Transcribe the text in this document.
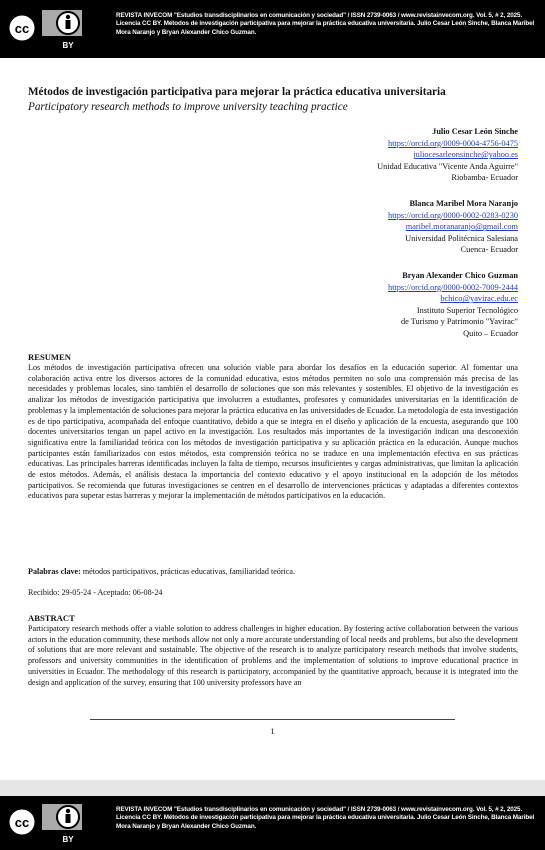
cc
BY
REVISTA INVECOM "Estudios transdisciplinarios en comunicación y sociedad" / ISSN 2739-0063 / www.revistainvecom.org. Vol. 5, # 2, 2025. Licencia CC BY. Métodos de investigación participativa para mejorar la práctica educativa universitaria. Julio Cesar León Sinche, Blanca Maribel Mora Naranjo y Bryan Alexander Chico Guzman.
Métodos de investigación participativa para mejorar la práctica educativa universitaria
Participatory research methods to improve university teaching practice
Julio Cesar León Sinche
https://orcid.org/0009-0004-4756-0475
juliocesarleonsinche@yahoo.es
Unidad Educativa "Vicente Anda Aguirre"
Riobamba- Ecuador
Blanca Maribel Mora Naranjo
https://orcid.org/0000-0002-0283-0230
maribel.moranaranjo@gmail.com
Universidad Politécnica Salesiana
Cuenca- Ecuador
Bryan Alexander Chico Guzman
https://orcid.org/0000-0002-7009-2444
bchico@yavirac.edu.ec
Instituto Superior Tecnológico
de Turismo y Patrimonio "Yavirac"
Quito – Ecuador
RESUMEN
Los métodos de investigación participativa ofrecen una solución viable para abordar los desafíos en la educación superior. Al fomentar una colaboración activa entre los diversos actores de la comunidad educativa, estos métodos permiten no solo una comprensión más precisa de las necesidades y problemas locales, sino también el desarrollo de soluciones que son más relevantes y sostenibles. El objetivo de la investigación es analizar los métodos de investigación participativa que involucren a estudiantes, profesores y comunidades universitarias en la identificación de problemas y la implementación de soluciones para mejorar la práctica educativa en las universidades de Ecuador. La metodología de esta investigación es de tipo participativa, acompañada del enfoque cuantitativo, debido a que se integra en el diseño y aplicación de la encuesta, asegurando que 100 docentes universitarios tengan un papel activo en la investigación. Los resultados más importantes de la investigación indican una desconexión significativa entre la familiaridad teórica con los métodos de investigación participativa y su aplicación práctica en la educación. Aunque muchos participantes están familiarizados con estos métodos, esta comprensión teórica no se traduce en una implementación efectiva en sus prácticas educativas. Las principales barreras identificadas incluyen la falta de tiempo, recursos insuficientes y cargas administrativas, que limitan la aplicación de estos métodos. Además, el análisis destaca la importancia del contexto educativo y el apoyo institucional en la adopción de los métodos participativos. Se recomienda que futuras investigaciones se centren en el desarrollo de intervenciones prácticas y adaptadas a diferentes contextos educativos para superar estas barreras y mejorar la implementación de métodos participativos en la educación.
Palabras clave: métodos participativos, prácticas educativas, familiaridad teórica.
Recibido: 29-05-24 - Aceptado: 06-08-24
ABSTRACT
Participatory research methods offer a viable solution to address challenges in higher education. By fostering active collaboration between the various actors in the education community, these methods allow not only a more accurate understanding of local needs and problems, but also the development of solutions that are more relevant and sustainable. The objective of the research is to analyze participatory research methods that involve students, professors and university communities in the identification of problems and the implementation of solutions to improve educational practice in universities in Ecuador. The methodology of this research is participatory, accompanied by the quantitative approach, because it is integrated into the design and application of the survey, ensuring that 100 university professors have an
1
cc
BY
REVISTA INVECOM "Estudios transdisciplinarios en comunicación y sociedad" / ISSN 2739-0063 / www.revistainvecom.org. Vol. 5, # 2, 2025. Licencia CC BY. Métodos de investigación participativa para mejorar la práctica educativa universitaria. Julio Cesar León Sinche, Blanca Maribel Mora Naranjo y Bryan Alexander Chico Guzman.
